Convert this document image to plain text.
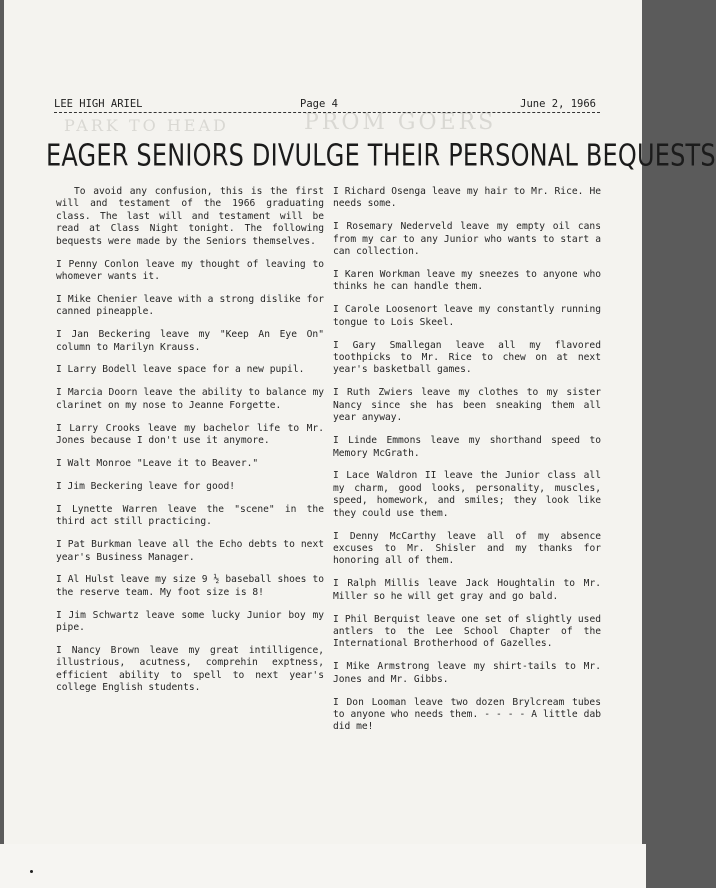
PROM GOERS
PARK TO HEAD
LEE HIGH ARIEL	Page 4	June 2, 1966
EAGER SENIORS DIVULGE THEIR PERSONAL BEQUESTS

To avoid any confusion, this is the first will and testament of the 1966 graduating class. The last will and testament will be read at Class Night tonight. The following bequests were made by the Seniors themselves.

I Penny Conlon leave my thought of leaving to whomever wants it.

I Mike Chenier leave with a strong dislike for canned pineapple.

I Jan Beckering leave my "Keep An Eye On" column to Marilyn Krauss.

I Larry Bodell leave space for a new pupil.

I Marcia Doorn leave the ability to balance my clarinet on my nose to Jeanne Forgette.

I Larry Crooks leave my bachelor life to Mr. Jones because I don't use it anymore.

I Walt Monroe "Leave it to Beaver."

I Jim Beckering leave for good!

I Lynette Warren leave the "scene" in the third act still practicing.

I Pat Burkman leave all the Echo debts to next year's Business Manager.

I Al Hulst leave my size 9 ½ baseball shoes to the reserve team. My foot size is 8!

I Jim Schwartz leave some lucky Junior boy my pipe.

I Nancy Brown leave my great intilligence, illustrious, acutness, comprehin exptness, efficient ability to spell to next year's college English students.

I Richard Osenga leave my hair to Mr. Rice. He needs some.

I Rosemary Nederveld leave my empty oil cans from my car to any Junior who wants to start a can collection.

I Karen Workman leave my sneezes to anyone who thinks he can handle them.

I Carole Loosenort leave my constantly running tongue to Lois Skeel.

I Gary Smallegan leave all my flavored toothpicks to Mr. Rice to chew on at next year's basketball games.

I Ruth Zwiers leave my clothes to my sister Nancy since she has been sneaking them all year anyway.

I Linde Emmons leave my shorthand speed to Memory McGrath.

I Lace Waldron II leave the Junior class all my charm, good looks, personality, muscles, speed, homework, and smiles; they look like they could use them.

I Denny McCarthy leave all of my absence excuses to Mr. Shisler and my thanks for honoring all of them.

I Ralph Millis leave Jack Houghtalin to Mr. Miller so he will get gray and go bald.

I Phil Berquist leave one set of slightly used antlers to the Lee School Chapter of the International Brotherhood of Gazelles.

I Mike Armstrong leave my shirt-tails to Mr. Jones and Mr. Gibbs.

I Don Looman leave two dozen Brylcream tubes to anyone who needs them. - - - - A little dab did me!
